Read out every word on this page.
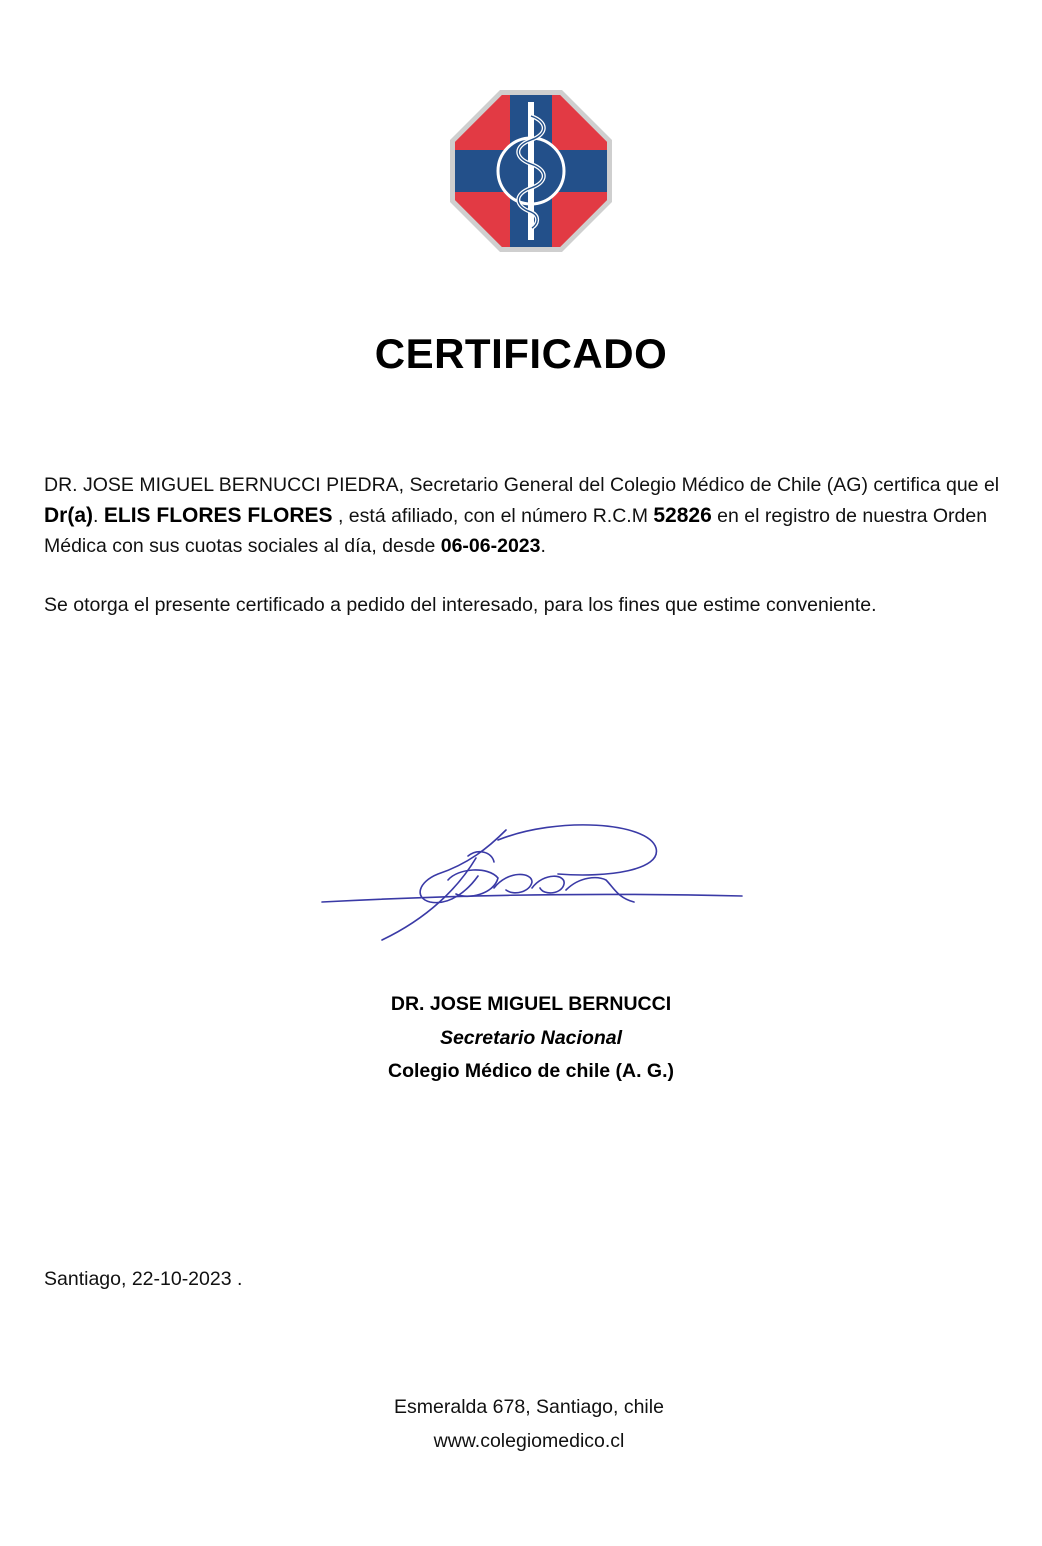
CERTIFICADO
DR. JOSE MIGUEL BERNUCCI PIEDRA, Secretario General del Colegio Médico de Chile (AG) certifica que el Dr(a). ELIS FLORES FLORES , está afiliado, con el número R.C.M 52826 en el registro de nuestra Orden Médica con sus cuotas sociales al día, desde 06-06-2023.
Se otorga el presente certificado a pedido del interesado, para los fines que estime conveniente.
DR. JOSE MIGUEL BERNUCCI
Secretario Nacional
Colegio Médico de chile (A. G.)
Santiago, 22-10-2023 .
Esmeralda 678, Santiago, chile
www.colegiomedico.cl
